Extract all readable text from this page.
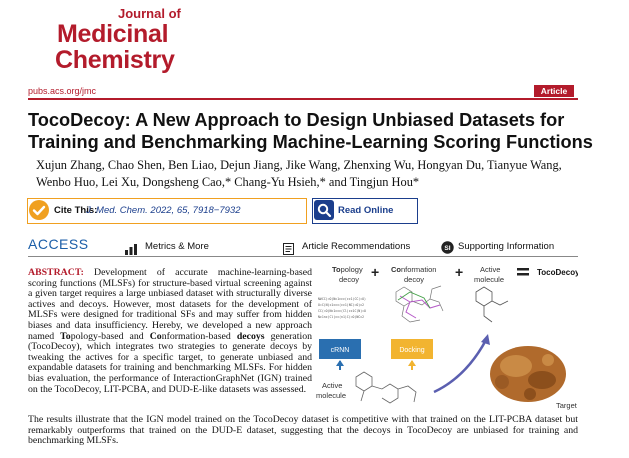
Journal of
Medicinal
Chemistry
pubs.acs.org/jmc	Article
TocoDecoy: A New Approach to Design Unbiased Datasets for
Training and Benchmarking Machine-Learning Scoring Functions
Xujun Zhang, Chao Shen, Ben Liao, Dejun Jiang, Jike Wang, Zhenxing Wu, Hongyan Du, Tianyue Wang,
Wenbo Huo, Lei Xu, Dongsheng Cao,* Chang-Yu Hsieh,* and Tingjun Hou*
Cite This:
J. Med. Chem. 2022, 65, 7918−7932	Read Online
ACCESS	Metrics & More	Article Recommendations	SI Supporting Information
ABSTRACT: Development of accurate machine-learning-based scoring functions (MLSFs) for structure-based virtual screening against a given target requires a large unbiased dataset with structurally diverse actives and decoys. However, most datasets for the development of MLSFs were designed for traditional SFs and may suffer from hidden biases and data insufficiency. Hereby, we developed a new approach named Topology-based and Conformation-based decoys generation (TocoDecoy), which integrates two strategies to generate decoys by tweaking the actives for a specific target, to generate unbiased and expandable datasets for training and benchmarking MLSFs. For hidden bias evaluation, the performance of InteractionGraphNet (IGN) trained on the TocoDecoy, LIT-PCBA, and DUD-E-like datasets was assessed.
The results illustrate that the IGN model trained on the TocoDecoy dataset is competitive with that trained on the LIT-PCBA dataset but remarkably outperforms that trained on the DUD-E dataset, suggesting that the decoys in TocoDecoy are unbiased for training and benchmarking MLSFs.
Topology
decoy + Conformation
decoy + Active
molecule
TocoDecoy
N#CC(=O)Nc1ccc(cc1)CC(=O)
O=C(N)c1ccc(cc1)NC(=O)c2
CC(=O)Nc1ccc(Cl)cc1C(N)=O
Nc1nc(Cl)cc(n1)C(=O)NCc2
cRNN	Docking
Active
molecule
Target
